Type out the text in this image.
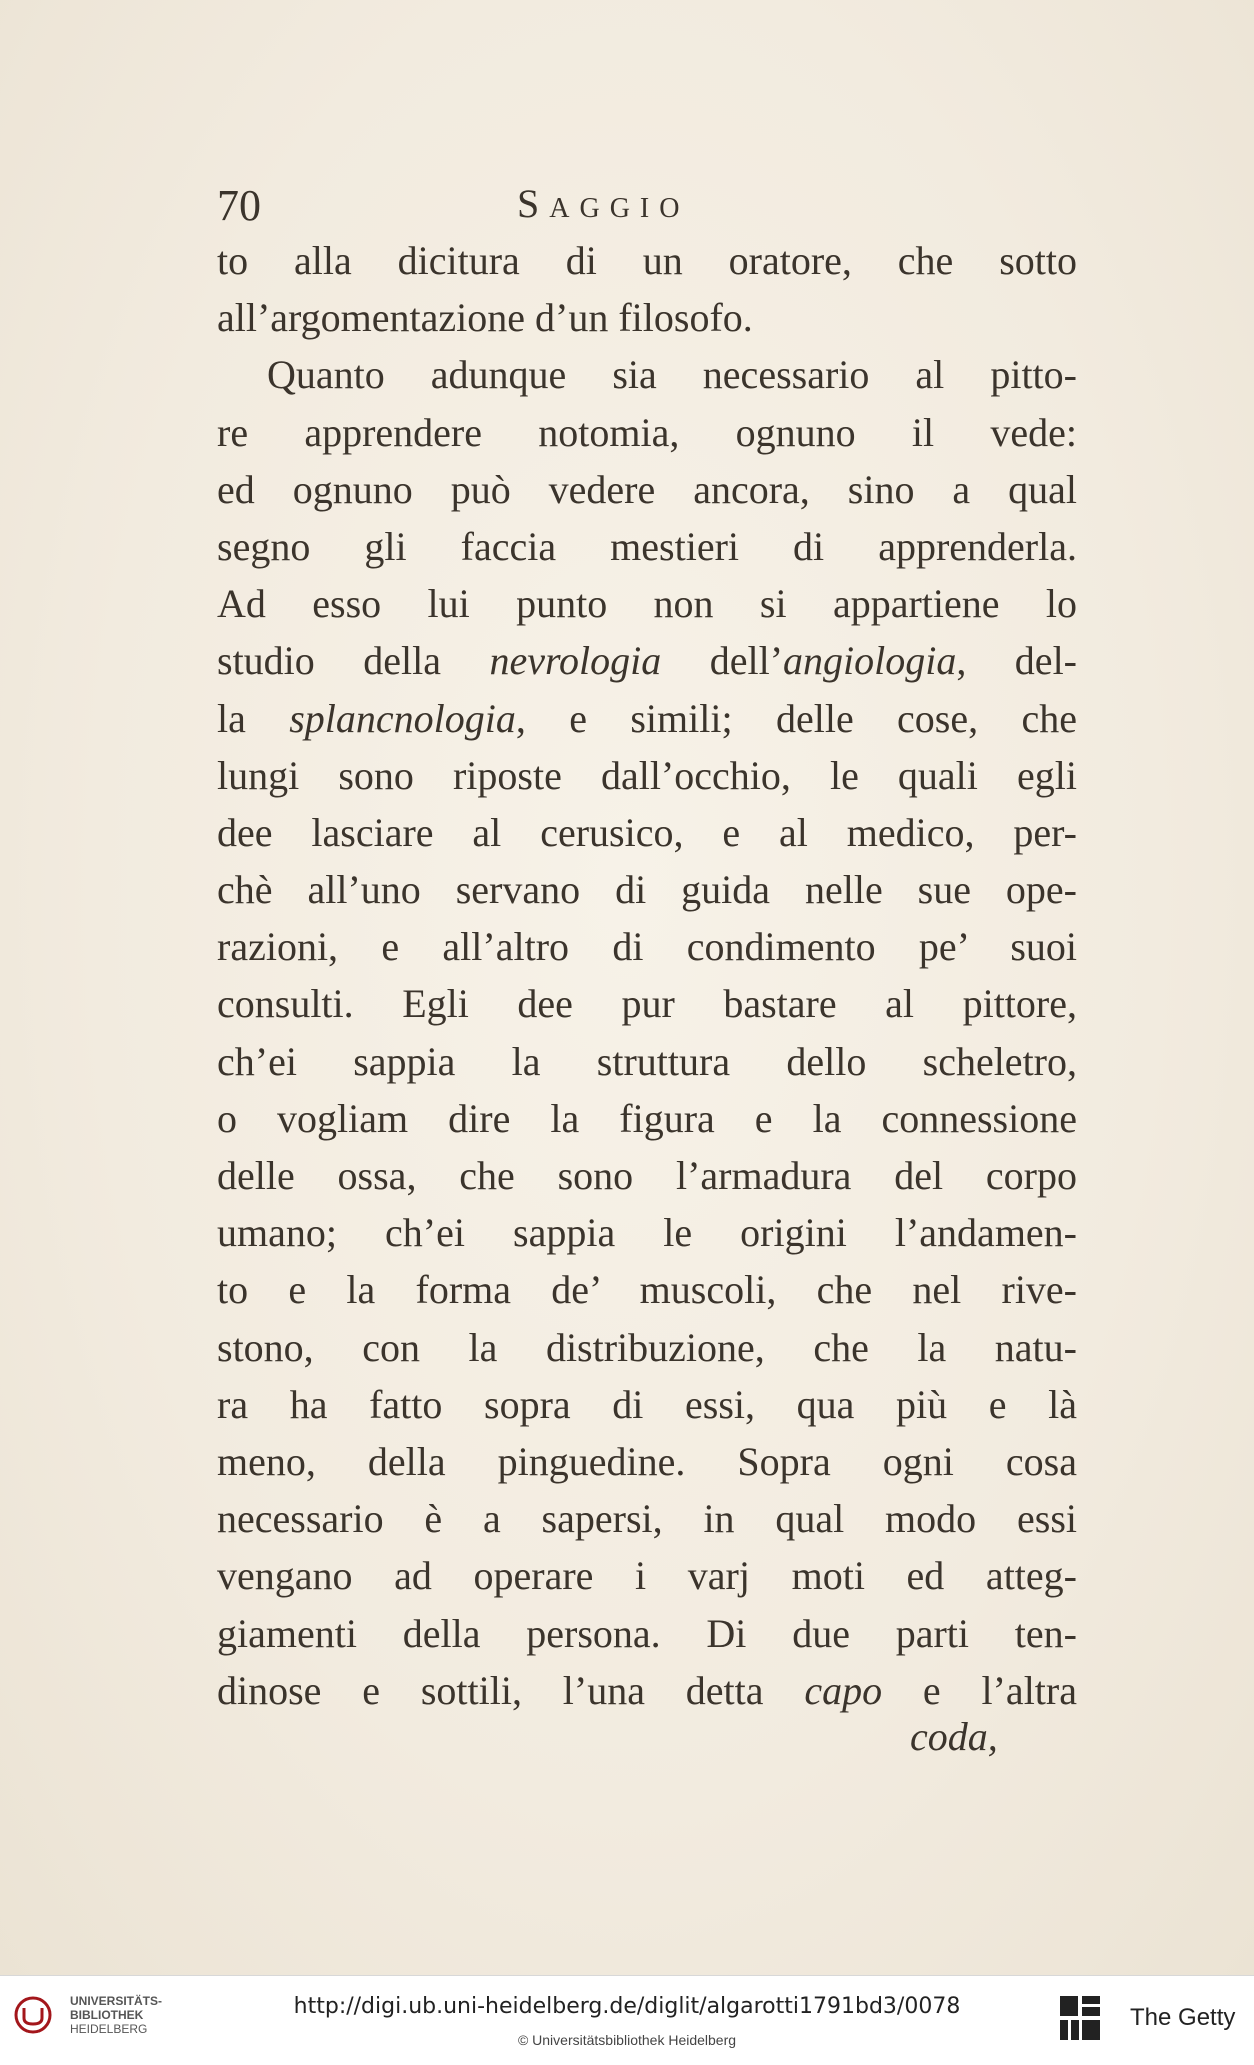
70	Saggio
to alla dicitura di un oratore, che sotto
all’argomentazione d’un filosofo.
Quanto adunque sia necessario al pitto-
re apprendere notomia, ognuno il vede:
ed ognuno può vedere ancora, sino a qual
segno gli faccia mestieri di apprenderla.
Ad esso lui punto non si appartiene lo
studio della nevrologia dell’angiologia, del-
la splancnologia, e simili; delle cose, che
lungi sono riposte dall’occhio, le quali egli
dee lasciare al cerusico, e al medico, per-
chè all’uno servano di guida nelle sue ope-
razioni, e all’altro di condimento pe’ suoi
consulti. Egli dee pur bastare al pittore,
ch’ei sappia la struttura dello scheletro,
o vogliam dire la figura e la connessione
delle ossa, che sono l’armadura del corpo
umano; ch’ei sappia le origini l’andamen-
to e la forma de’ muscoli, che nel rive-
stono, con la distribuzione, che la natu-
ra ha fatto sopra di essi, qua più e là
meno, della pinguedine. Sopra ogni cosa
necessario è a sapersi, in qual modo essi
vengano ad operare i varj moti ed atteg-
giamenti della persona. Di due parti ten-
dinose e sottili, l’una detta capo e l’altra
coda,
UNIVERSITÄTS-
BIBLIOTHEK
HEIDELBERG
http://digi.ub.uni-heidelberg.de/diglit/algarotti1791bd3/0078
© Universitätsbibliothek Heidelberg
The Getty
